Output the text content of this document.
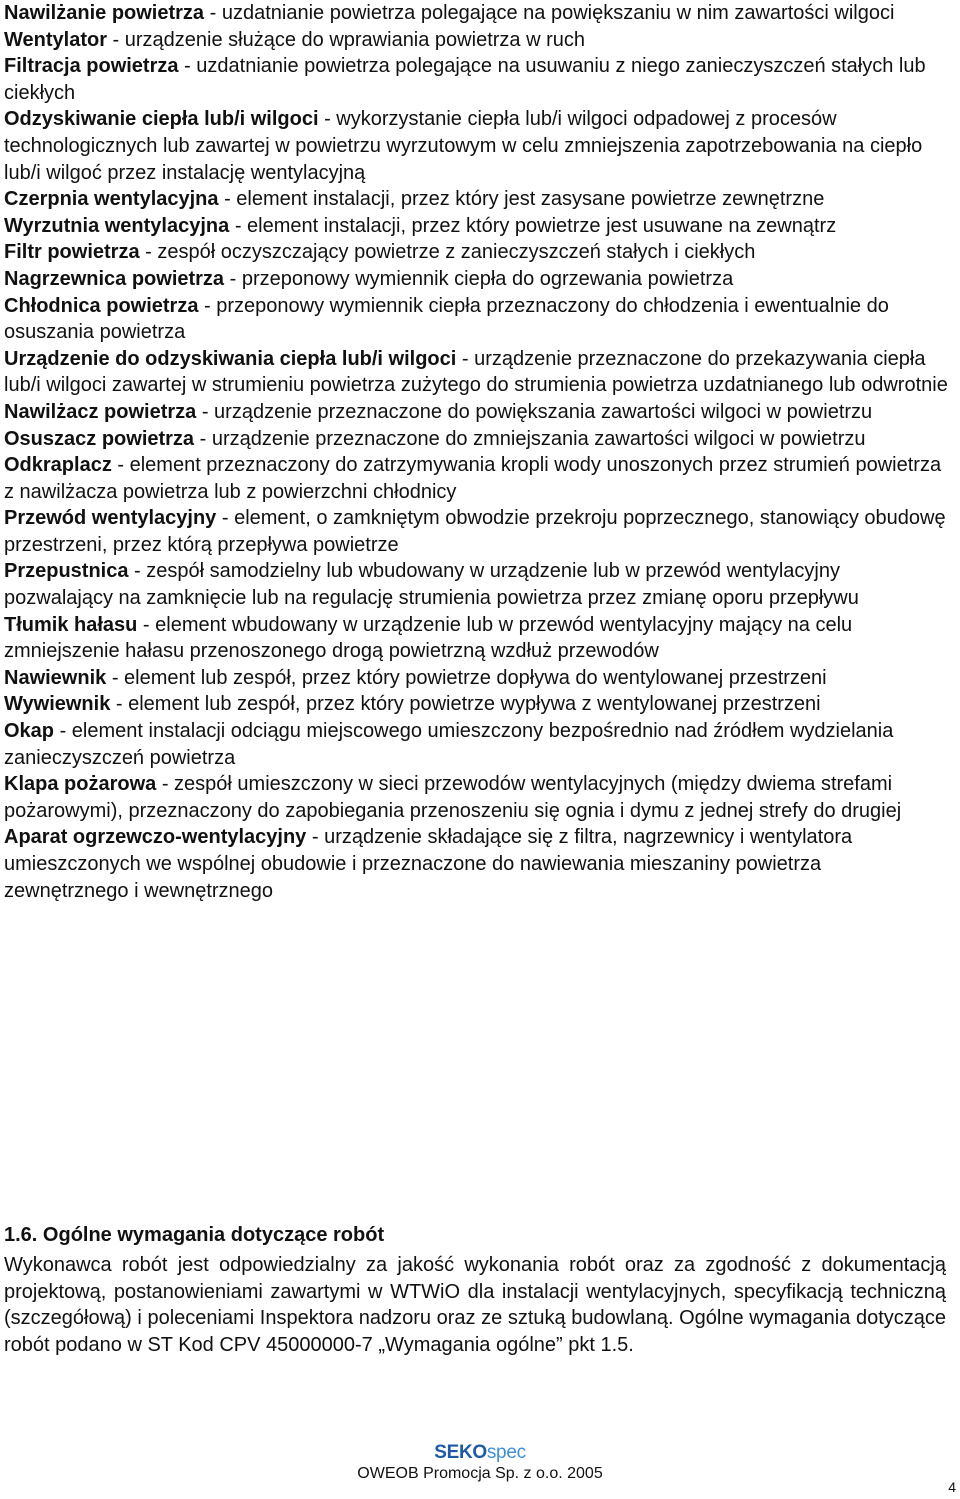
Nawilżanie powietrza - uzdatnianie powietrza polegające na powiększaniu w nim zawartości wilgoci
Wentylator - urządzenie służące do wprawiania powietrza w ruch
Filtracja powietrza - uzdatnianie powietrza polegające na usuwaniu z niego zanieczyszczeń stałych lub ciekłych
Odzyskiwanie ciepła lub/i wilgoci - wykorzystanie ciepła lub/i wilgoci odpadowej z procesów technologicznych lub zawartej w powietrzu wyrzutowym w celu zmniejszenia zapotrzebowania na ciepło lub/i wilgoć przez instalację wentylacyjną
Czerpnia wentylacyjna - element instalacji, przez który jest zasysane powietrze zewnętrzne
Wyrzutnia wentylacyjna - element instalacji, przez który powietrze jest usuwane na zewnątrz
Filtr powietrza - zespół oczyszczający powietrze z zanieczyszczeń stałych i ciekłych
Nagrzewnica powietrza - przeponowy wymiennik ciepła do ogrzewania powietrza
Chłodnica powietrza - przeponowy wymiennik ciepła przeznaczony do chłodzenia i ewentualnie do osuszania powietrza
Urządzenie do odzyskiwania ciepła lub/i wilgoci - urządzenie przeznaczone do przekazywania ciepła lub/i wilgoci zawartej w strumieniu powietrza zużytego do strumienia powietrza uzdatnianego lub odwrotnie
Nawilżacz powietrza - urządzenie przeznaczone do powiększania zawartości wilgoci w powietrzu
Osuszacz powietrza - urządzenie przeznaczone do zmniejszania zawartości wilgoci w powietrzu
Odkraplacz - element przeznaczony do zatrzymywania kropli wody unoszonych przez strumień powietrza z nawilżacza powietrza lub z powierzchni chłodnicy
Przewód wentylacyjny - element, o zamkniętym obwodzie przekroju poprzecznego, stanowiący obudowę przestrzeni, przez którą przepływa powietrze
Przepustnica - zespół samodzielny lub wbudowany w urządzenie lub w przewód wentylacyjny pozwalający na zamknięcie lub na regulację strumienia powietrza przez zmianę oporu przepływu
Tłumik hałasu - element wbudowany w urządzenie lub w przewód wentylacyjny mający na celu zmniejszenie hałasu przenoszonego drogą powietrzną wzdłuż przewodów
Nawiewnik - element lub zespół, przez który powietrze dopływa do wentylowanej przestrzeni
Wywiewnik - element lub zespół, przez który powietrze wypływa z wentylowanej przestrzeni
Okap - element instalacji odciągu miejscowego umieszczony bezpośrednio nad źródłem wydzielania zanieczyszczeń powietrza
Klapa pożarowa - zespół umieszczony w sieci przewodów wentylacyjnych (między dwiema strefami pożarowymi), przeznaczony do zapobiegania przenoszeniu się ognia i dymu z jednej strefy do drugiej
Aparat ogrzewczo-wentylacyjny - urządzenie składające się z filtra, nagrzewnicy i wentylatora umieszczonych we wspólnej obudowie i przeznaczone do nawiewania mieszaniny powietrza zewnętrznego i wewnętrznego
1.6. Ogólne wymagania dotyczące robót

Wykonawca robót jest odpowiedzialny za jakość wykonania robót oraz za zgodność z dokumentacją projektową, postanowieniami zawartymi w WTWiO dla instalacji wentylacyjnych, specyfikacją techniczną (szczegółową) i poleceniami Inspektora nadzoru oraz ze sztuką budowlaną. Ogólne wymagania dotyczące robót podano w ST Kod CPV 45000000-7 „Wymagania ogólne” pkt 1.5.

SEKOspec
OWEOB Promocja Sp. z o.o. 2005
4
